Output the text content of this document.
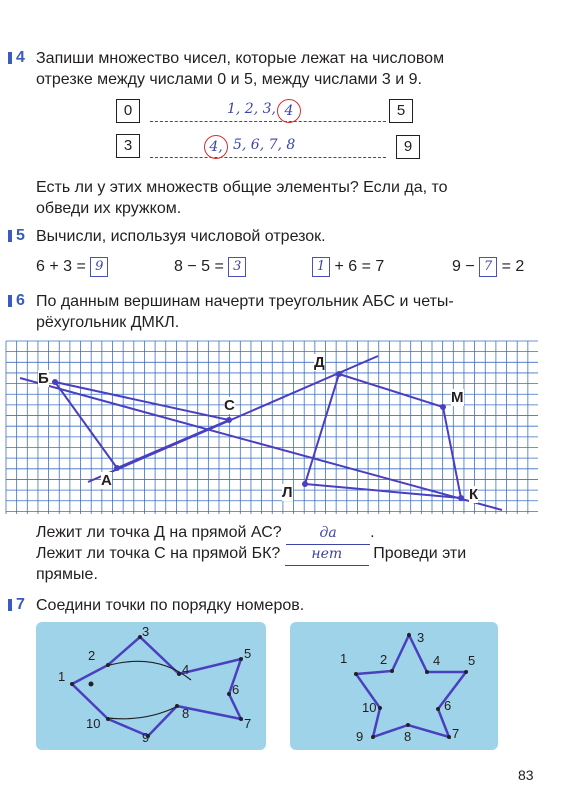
4 Запиши множество чисел, которые лежат на числовом
отрезке между числами 0 и 5, между числами 3 и 9.
0	1, 2, 3, 4	5
3	4, 5, 6, 7, 8	9
Есть ли у этих множеств общие элементы? Если да, то
обведи их кружком.
5 Вычисли, используя числовой отрезок.
6 + 3 = 9	8 − 5 = 3	1 + 6 = 7	9 − 7 = 2
6 По данным вершинам начерти треугольник АБС и четы-
рёхугольник ДМКЛ.
Б
А
С
Д
М
Л	К
Лежит ли точка Д на прямой АС?	да .
Лежит ли точка С на прямой БК? нет Проведи эти
прямые.
7 Соедини точки по порядку номеров.
1
2
3
4
5
6
7
8
9
10
1	2
3
4 5
6
7
8
9
10
83
